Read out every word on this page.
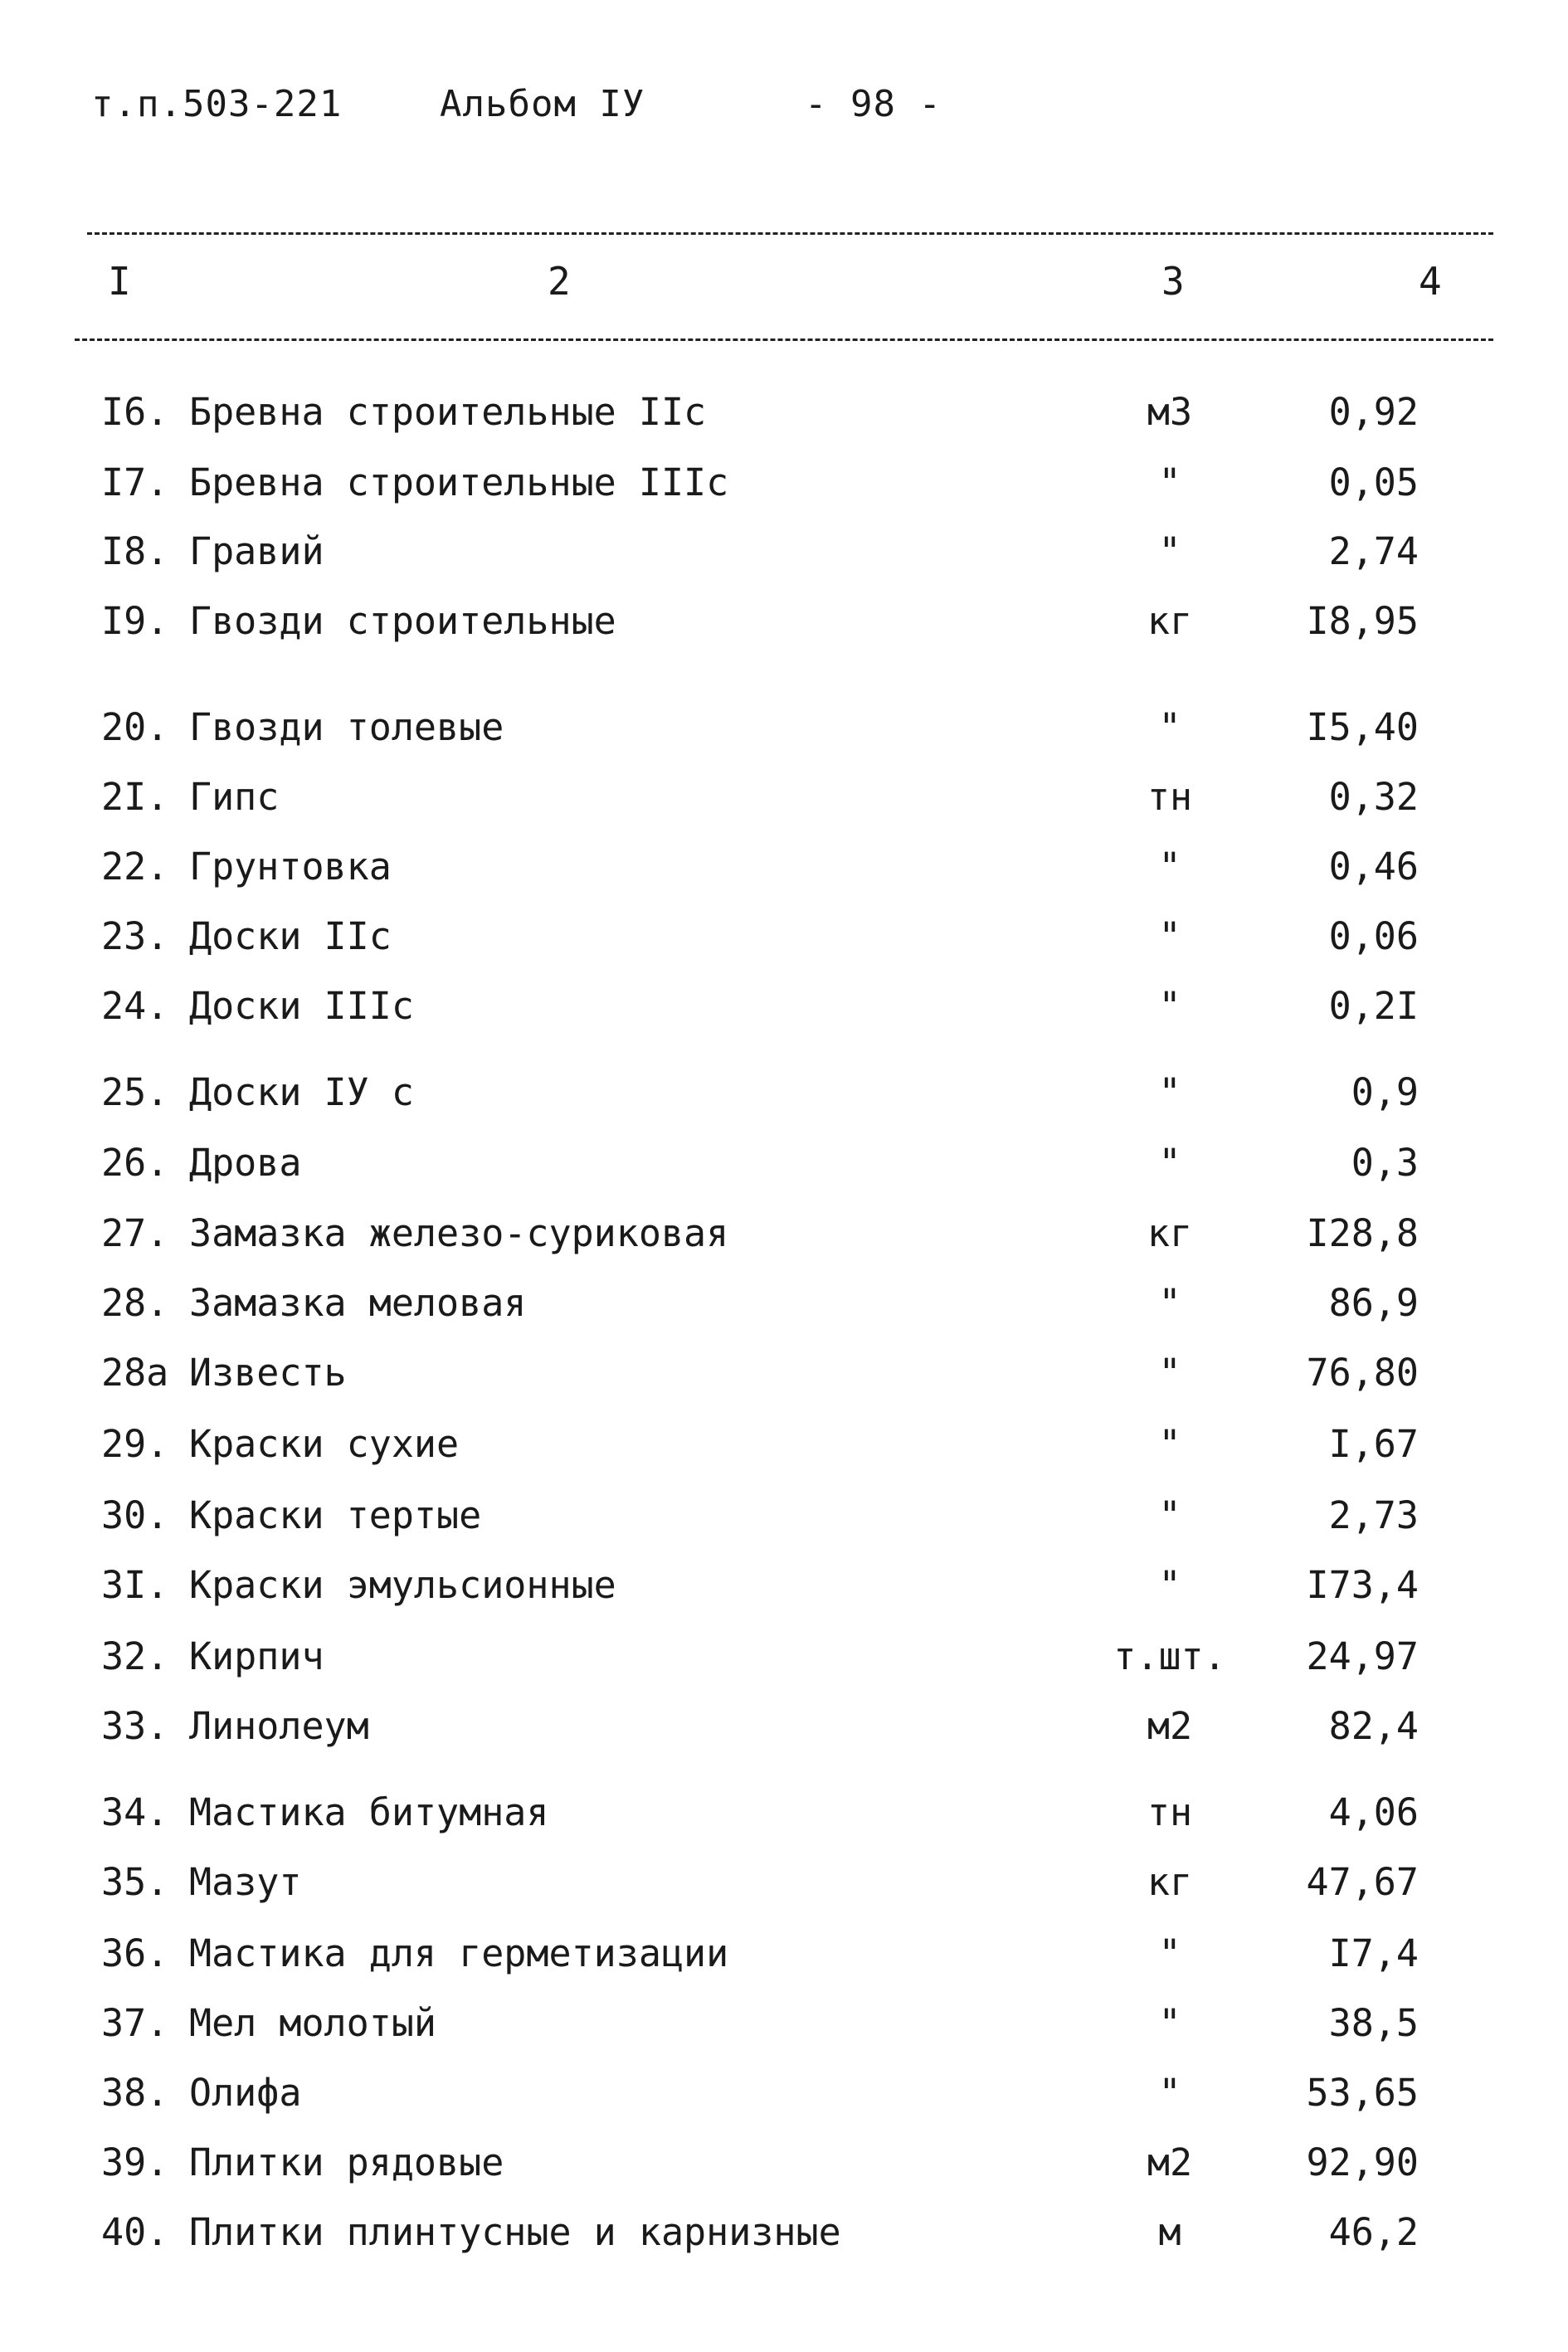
т.п.503-221	Альбом IУ	- 98 -
I	2	3	4
I6. Бревна строительные IIс	м3	0,92
I7. Бревна строительные IIIс	"	0,05
I8. Гравий	"	2,74
I9. Гвозди строительные	кг	I8,95
20. Гвозди толевые	"	I5,40
2I. Гипс	тн	0,32
22. Грунтовка	"	0,46
23. Доски IIс	"	0,06
24. Доски IIIс	"	0,2I
25. Доски IУ с	"	0,9
26. Дрова	"	0,3
27. Замазка железо-суриковая	кг	I28,8
28. Замазка меловая	"	86,9
28а Известь	"	76,80
29. Краски сухие	"	I,67
30. Краски тертые	"	2,73
3I. Краски эмульсионные	"	I73,4
32. Кирпич	т.шт.	24,97
33. Линолеум	м2	82,4
34. Мастика битумная	тн	4,06
35. Мазут	кг	47,67
36. Мастика для герметизации	"	I7,4
37. Мел молотый	"	38,5
38. Олифа	"	53,65
39. Плитки рядовые	м2	92,90
40. Плитки плинтусные и карнизные	м	46,2
